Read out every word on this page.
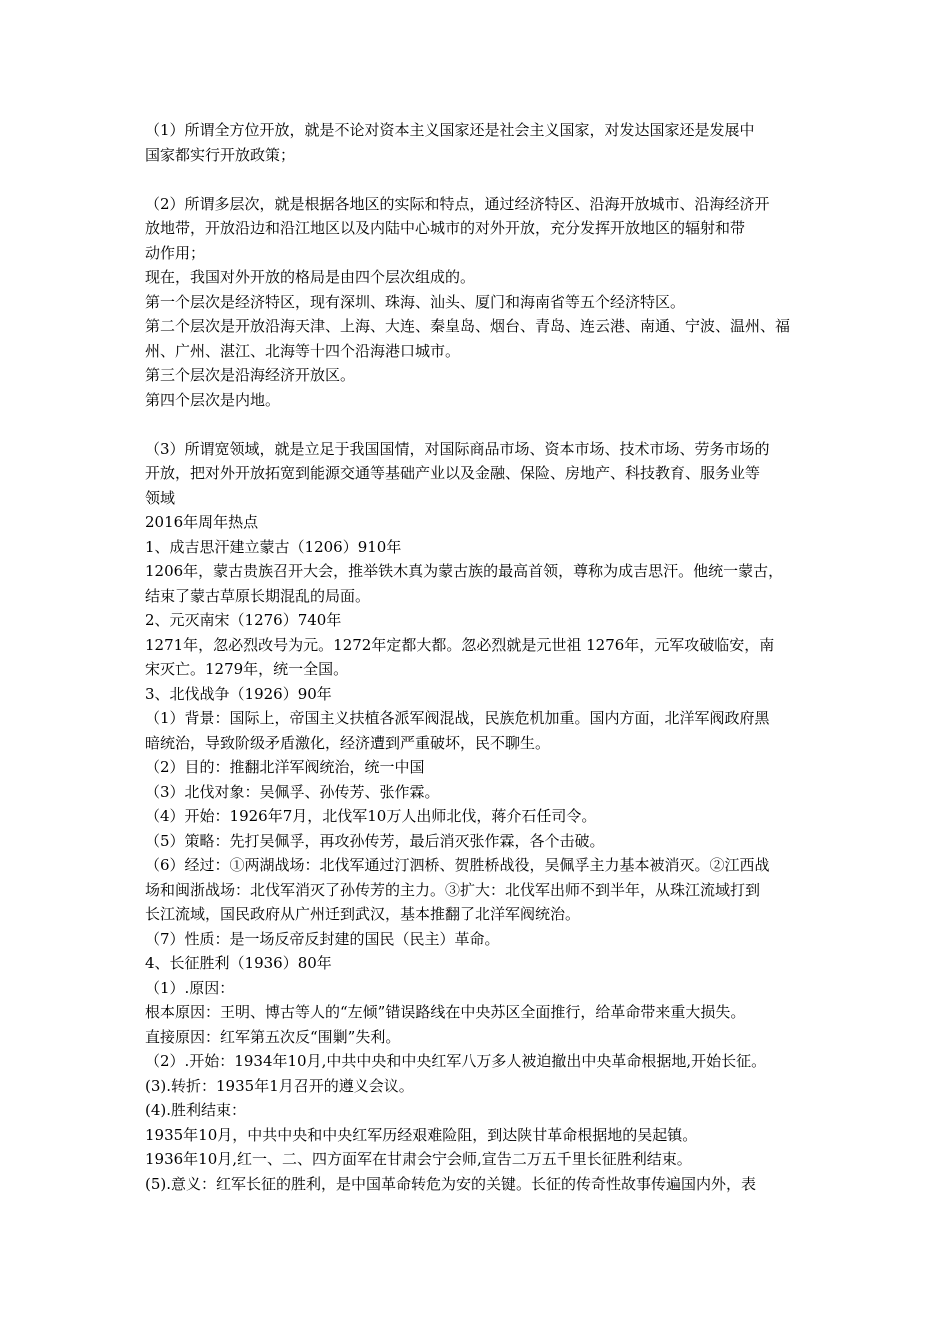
（1）所谓全方位开放，就是不论对资本主义国家还是社会主义国家，对发达国家还是发展中
国家都实行开放政策；
（2）所谓多层次，就是根据各地区的实际和特点，通过经济特区、沿海开放城市、沿海经济开
放地带，开放沿边和沿江地区以及内陆中心城市的对外开放，充分发挥开放地区的辐射和带
动作用；
现在，我国对外开放的格局是由四个层次组成的。
第一个层次是经济特区，现有深圳、珠海、汕头、厦门和海南省等五个经济特区。
第二个层次是开放沿海天津、上海、大连、秦皇岛、烟台、青岛、连云港、南通、宁波、温州、福
州、广州、湛江、北海等十四个沿海港口城市。
第三个层次是沿海经济开放区。
第四个层次是内地。
（3）所谓宽领域，就是立足于我国国情，对国际商品市场、资本市场、技术市场、劳务市场的
开放，把对外开放拓宽到能源交通等基础产业以及金融、保险、房地产、科技教育、服务业等
领域
2016年周年热点
1、成吉思汗建立蒙古（1206）910年
1206年，蒙古贵族召开大会，推举铁木真为蒙古族的最高首领，尊称为成吉思汗。他统一蒙古，
结束了蒙古草原长期混乱的局面。
2、元灭南宋（1276）740年
1271年，忽必烈改号为元。1272年定都大都。忽必烈就是元世祖 1276年，元军攻破临安，南
宋灭亡。1279年，统一全国。
3、北伐战争（1926）90年
（1）背景：国际上，帝国主义扶植各派军阀混战，民族危机加重。国内方面，北洋军阀政府黑
暗统治，导致阶级矛盾激化，经济遭到严重破坏，民不聊生。
（2）目的：推翻北洋军阀统治，统一中国
（3）北伐对象：吴佩孚、孙传芳、张作霖。
（4）开始：1926年7月，北伐军10万人出师北伐，蒋介石任司令。
（5）策略：先打吴佩孚，再攻孙传芳，最后消灭张作霖，各个击破。
（6）经过：①两湖战场：北伐军通过汀泗桥、贺胜桥战役，吴佩孚主力基本被消灭。②江西战
场和闽浙战场：北伐军消灭了孙传芳的主力。③扩大：北伐军出师不到半年，从珠江流域打到
长江流域，国民政府从广州迁到武汉，基本推翻了北洋军阀统治。
（7）性质：是一场反帝反封建的国民（民主）革命。
4、长征胜利（1936）80年
（1）.原因：
根本原因：王明、博古等人的“左倾”错误路线在中央苏区全面推行，给革命带来重大损失。
直接原因：红军第五次反“围剿”失利。
（2）.开始：1934年10月,中共中央和中央红军八万多人被迫撤出中央革命根据地,开始长征。
(3).转折：1935年1月召开的遵义会议。
(4).胜利结束：
1935年10月，中共中央和中央红军历经艰难险阻，到达陕甘革命根据地的吴起镇。
1936年10月,红一、二、四方面军在甘肃会宁会师,宣告二万五千里长征胜利结束。
(5).意义：红军长征的胜利，是中国革命转危为安的关键。长征的传奇性故事传遍国内外，表
